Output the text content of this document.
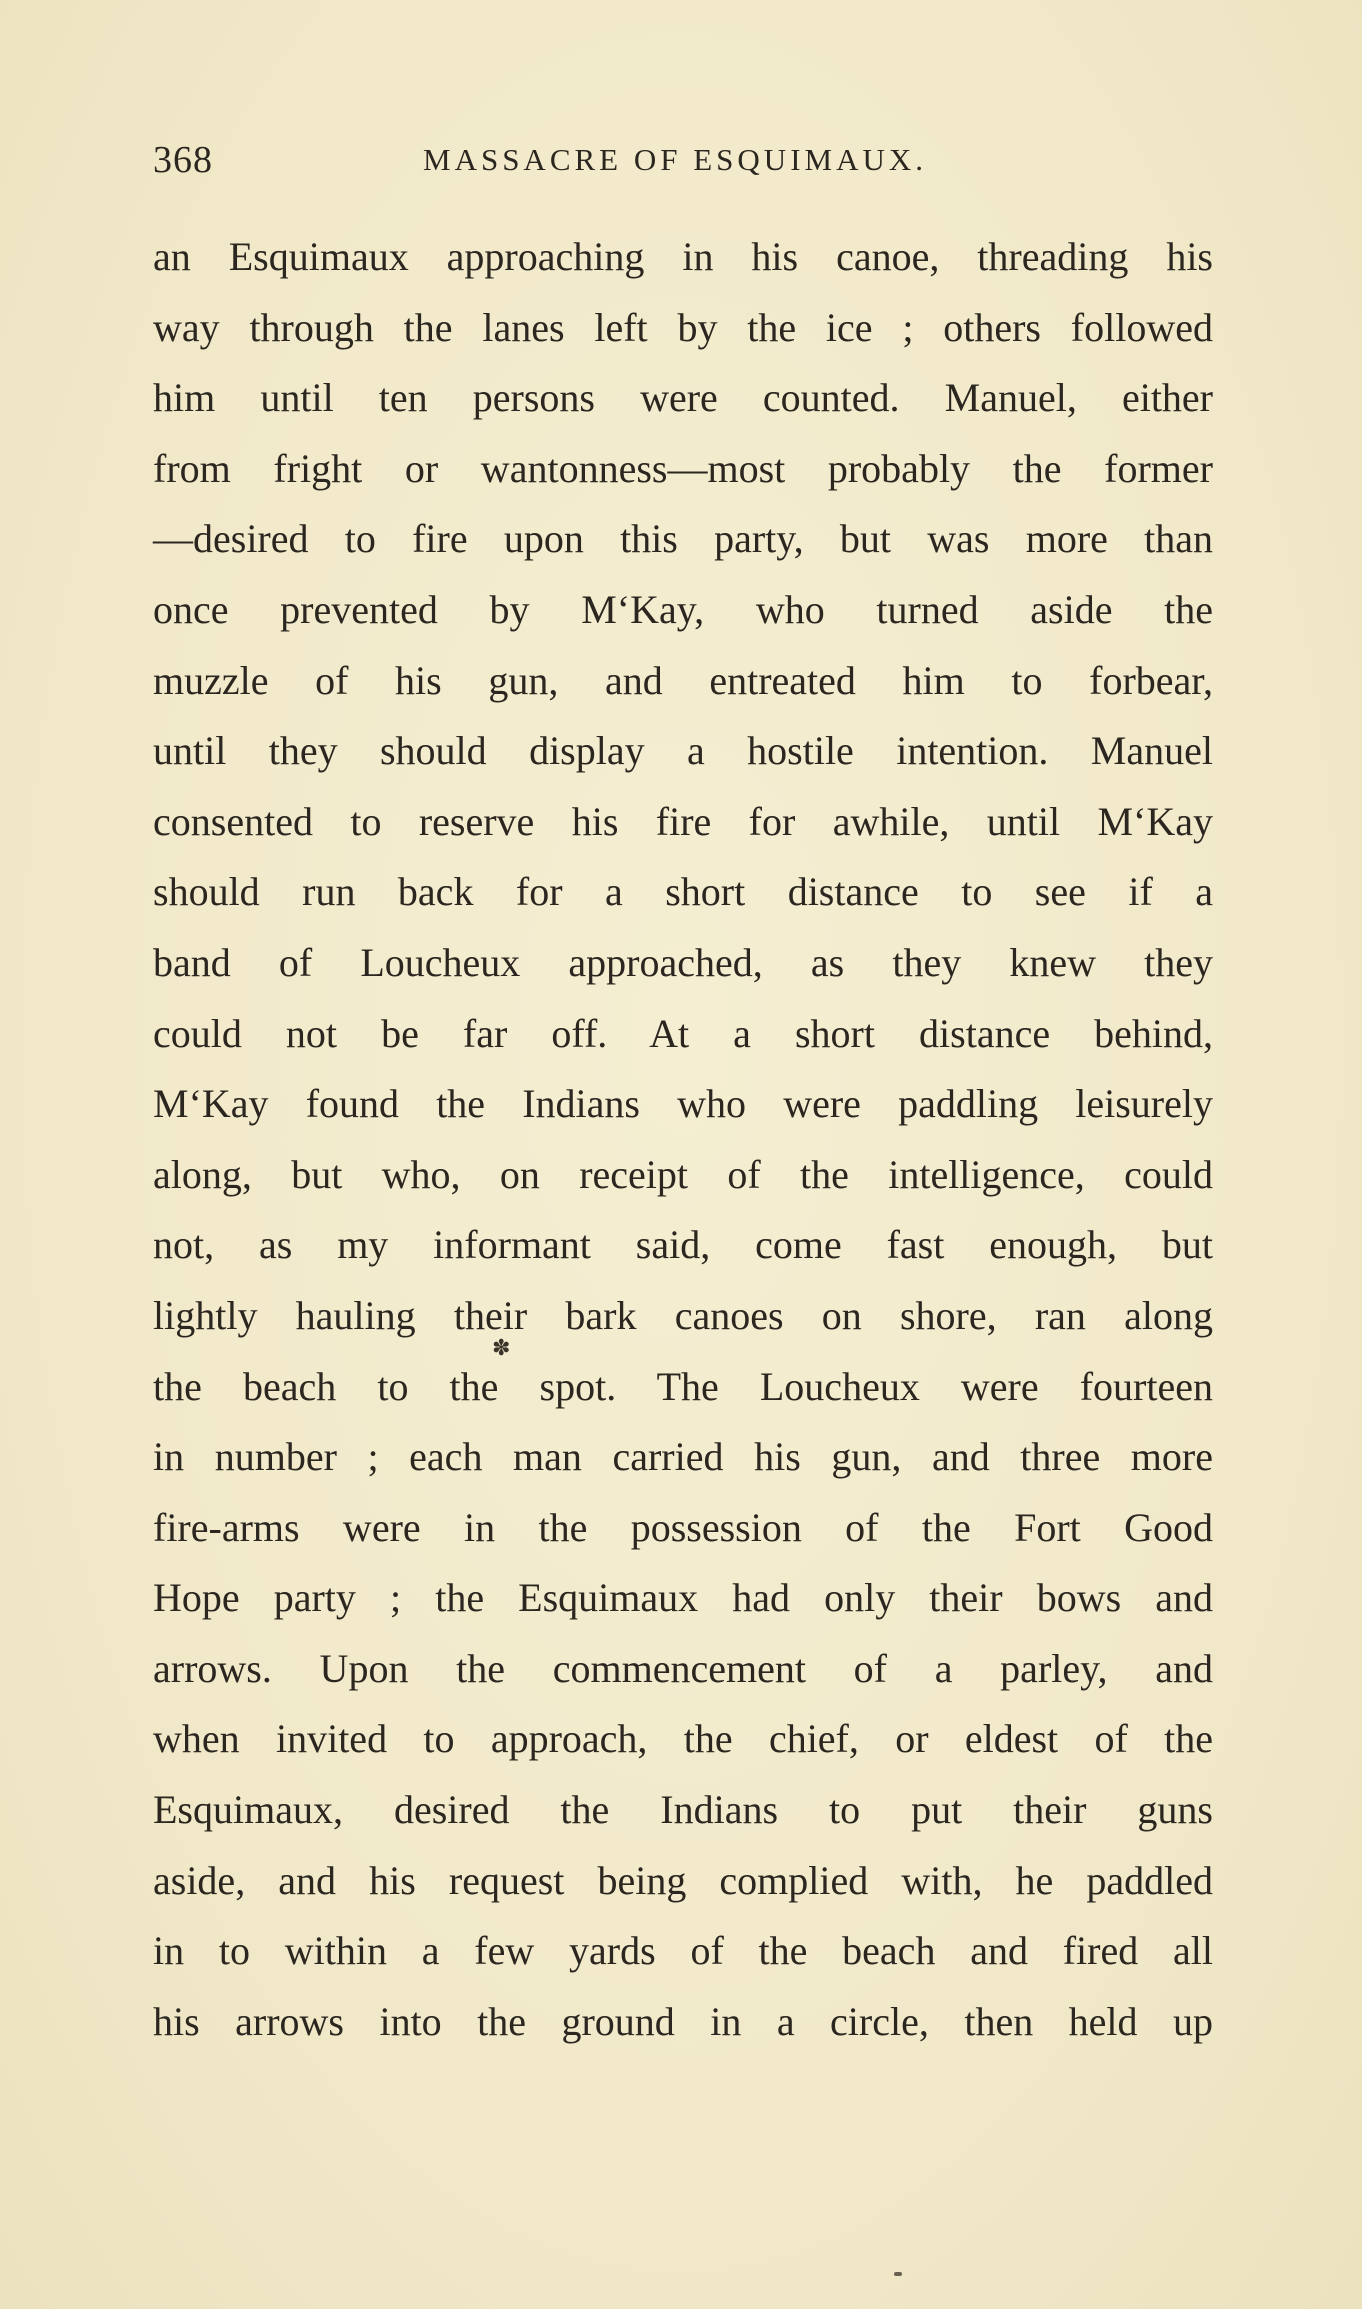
368	MASSACRE OF ESQUIMAUX.
an Esquimaux approaching in his canoe, threading his
way through the lanes left by the ice ; others followed
him until ten persons were counted. Manuel, either
from fright or wantonness—most probably the former
—desired to fire upon this party, but was more than
once prevented by M‘Kay, who turned aside the
muzzle of his gun, and entreated him to forbear,
until they should display a hostile intention. Manuel
consented to reserve his fire for awhile, until M‘Kay
should run back for a short distance to see if a
band of Loucheux approached, as they knew they
could not be far off. At a short distance behind,
M‘Kay found the Indians who were paddling leisurely
along, but who, on receipt of the intelligence, could
not, as my informant said, come fast enough, but
lightly hauling their bark canoes on shore, ran along
the beach to the spot. The Loucheux were fourteen
in number ; each man carried his gun, and three more
fire-arms were in the possession of the Fort Good
Hope party ; the Esquimaux had only their bows and
arrows. Upon the commencement of a parley, and
when invited to approach, the chief, or eldest of the
Esquimaux, desired the Indians to put their guns
aside, and his request being complied with, he paddled
in to within a few yards of the beach and fired all
his arrows into the ground in a circle, then held up
✽
